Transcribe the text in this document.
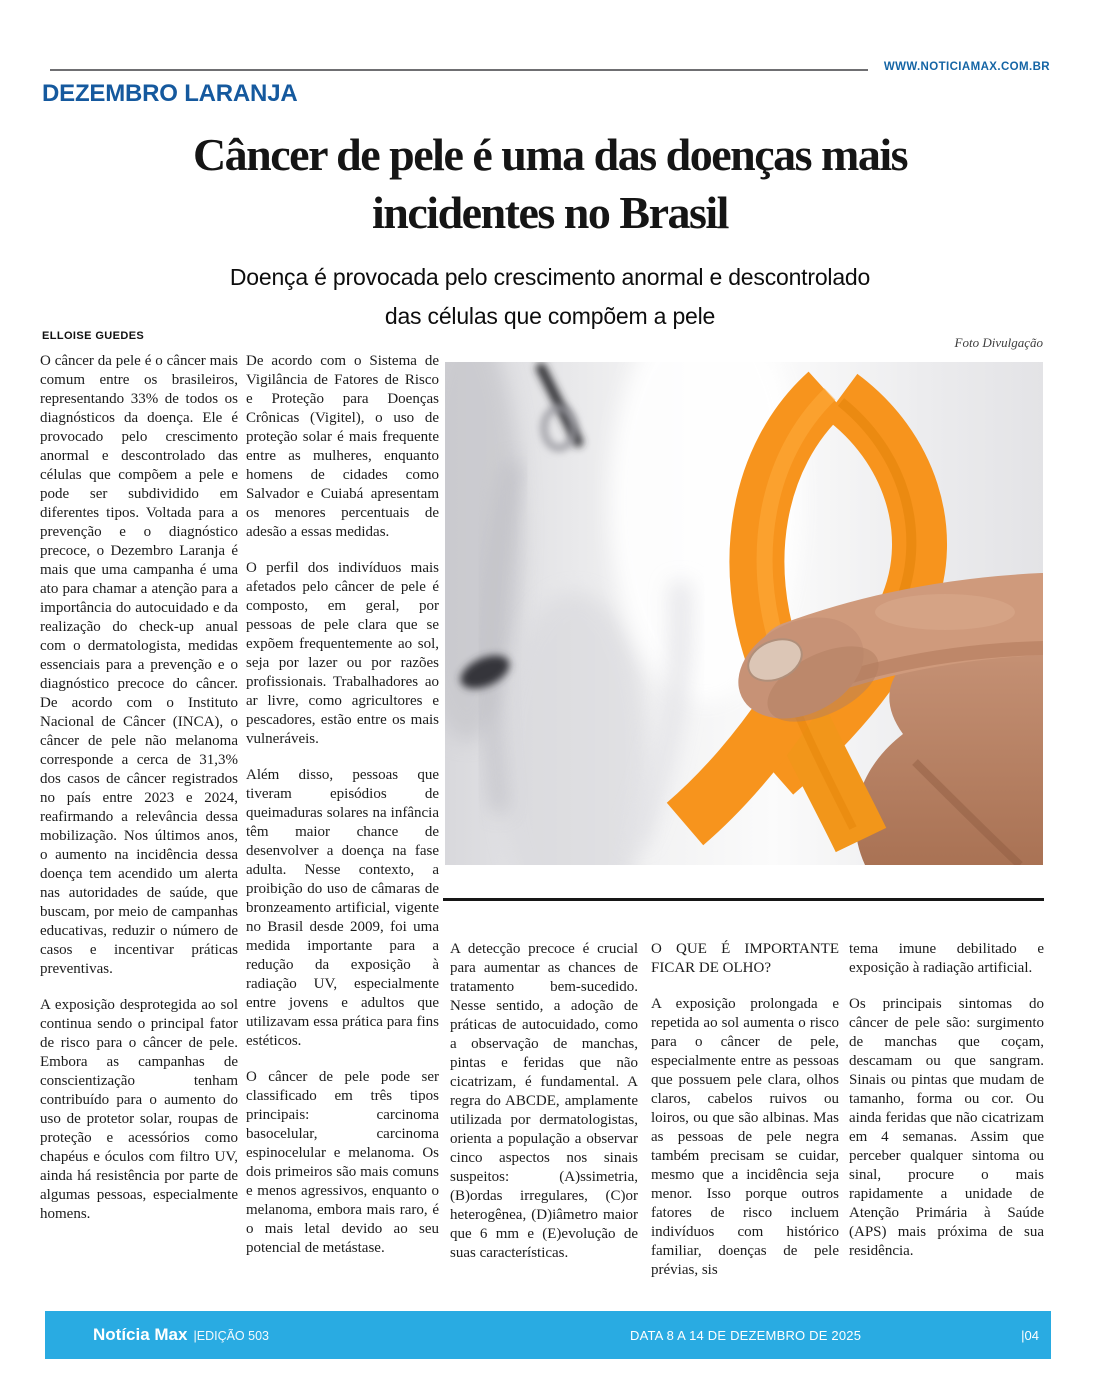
WWW.NOTICIAMAX.COM.BR
DEZEMBRO LARANJA
Câncer de pele é uma das doenças mais
incidentes no Brasil
Doença é provocada pelo crescimento anormal e descontrolado
das células que compõem a pele
ELLOISE GUEDES	Foto Divulgação

O câncer da pele é o câncer mais comum entre os brasileiros, representando 33% de todos os diagnósticos da doença. Ele é provocado pelo crescimento anormal e descontrolado das células que compõem a pele e pode ser subdividido em diferentes tipos. Voltada para a prevenção e o diagnóstico precoce, o Dezembro Laranja é mais que uma campanha é uma ato para chamar a atenção para a importância do autocuidado e da realização do check-up anual com o dermatologista, medidas essenciais para a prevenção e o diagnóstico precoce do câncer. De acordo com o Instituto Nacional de Câncer (INCA), o câncer de pele não melanoma corresponde a cerca de 31,3% dos casos de câncer registrados no país entre 2023 e 2024, reafirmando a relevância dessa mobilização. Nos últimos anos, o aumento na incidência dessa doença tem acendido um alerta nas autoridades de saúde, que buscam, por meio de campanhas educativas, reduzir o número de casos e incentivar práticas preventivas.

A exposição desprotegida ao sol continua sendo o principal fator de risco para o câncer de pele. Embora as campanhas de conscientização tenham contribuído para o aumento do uso de protetor solar, roupas de proteção e acessórios como chapéus e óculos com filtro UV, ainda há resistência por parte de algumas pessoas, especialmente homens.

De acordo com o Sistema de Vigilância de Fatores de Risco e Proteção para Doenças Crônicas (Vigitel), o uso de proteção solar é mais frequente entre as mulheres, enquanto homens de cidades como Salvador e Cuiabá apresentam os menores percentuais de adesão a essas medidas.

O perfil dos indivíduos mais afetados pelo câncer de pele é composto, em geral, por pessoas de pele clara que se expõem frequentemente ao sol, seja por lazer ou por razões profissionais. Trabalhadores ao ar livre, como agricultores e pescadores, estão entre os mais vulneráveis.

Além disso, pessoas que tiveram episódios de queimaduras solares na infância têm maior chance de desenvolver a doença na fase adulta. Nesse contexto, a proibição do uso de câmaras de bronzeamento artificial, vigente no Brasil desde 2009, foi uma medida importante para a redução da exposição à radiação UV, especialmente entre jovens e adultos que utilizavam essa prática para fins estéticos.

O câncer de pele pode ser classificado em três tipos principais: carcinoma basocelular, carcinoma espinocelular e melanoma. Os dois primeiros são mais comuns e menos agressivos, enquanto o melanoma, embora mais raro, é o mais letal devido ao seu potencial de metástase.

A detecção precoce é crucial para aumentar as chances de tratamento bem-sucedido. Nesse sentido, a adoção de práticas de autocuidado, como a observação de manchas, pintas e feridas que não cicatrizam, é fundamental. A regra do ABCDE, amplamente utilizada por dermatologistas, orienta a população a observar cinco aspectos nos sinais suspeitos: (A)ssimetria, (B)ordas irregulares, (C)or heterogênea, (D)iâmetro maior que 6 mm e (E)evolução de suas características.

O QUE É IMPORTANTE FICAR DE OLHO?

A exposição prolongada e repetida ao sol aumenta o risco para o câncer de pele, especialmente entre as pessoas que possuem pele clara, olhos claros, cabelos ruivos ou loiros, ou que são albinas. Mas as pessoas de pele negra também precisam se cuidar, mesmo que a incidência seja menor. Isso porque outros fatores de risco incluem indivíduos com histórico familiar, doenças de pele prévias, sis

tema imune debilitado e exposição à radiação artificial.

Os principais sintomas do câncer de pele são: surgimento de manchas que coçam, descamam ou que sangram. Sinais ou pintas que mudam de tamanho, forma ou cor. Ou ainda feridas que não cicatrizam em 4 semanas. Assim que perceber qualquer sintoma ou sinal, procure o mais rapidamente a unidade de Atenção Primária à Saúde (APS) mais próxima de sua residência.

Notícia Max |EDIÇÃO 503	DATA 8 A 14 DE DEZEMBRO DE 2025	|04
